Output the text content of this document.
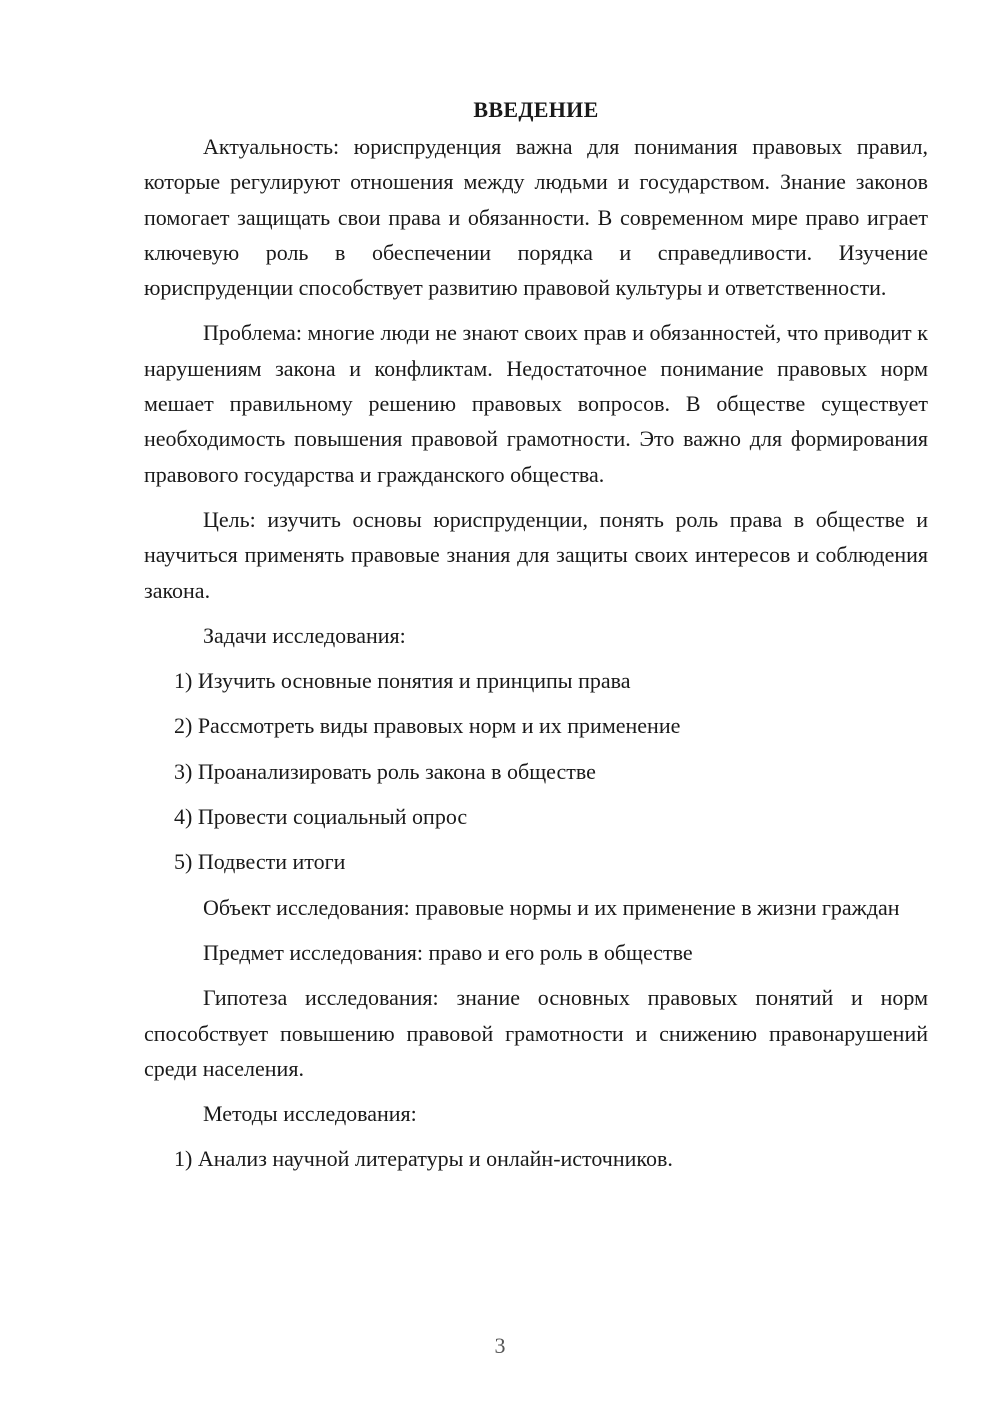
ВВЕДЕНИЕ

Актуальность: юриспруденция важна для понимания правовых правил, которые регулируют отношения между людьми и государством. Знание законов помогает защищать свои права и обязанности. В современном мире право играет ключевую роль в обеспечении порядка и справедливости. Изучение юриспруденции способствует развитию правовой культуры и ответственности.

Проблема: многие люди не знают своих прав и обязанностей, что приводит к нарушениям закона и конфликтам. Недостаточное понимание правовых норм мешает правильному решению правовых вопросов. В обществе существует необходимость повышения правовой грамотности. Это важно для формирования правового государства и гражданского общества.

Цель: изучить основы юриспруденции, понять роль права в обществе и научиться применять правовые знания для защиты своих интересов и соблюдения закона.

Задачи исследования:

1) Изучить основные понятия и принципы права
2) Рассмотреть виды правовых норм и их применение
3) Проанализировать роль закона в обществе
4) Провести социальный опрос
5) Подвести итоги

Объект исследования: правовые нормы и их применение в жизни граждан

Предмет исследования: право и его роль в обществе

Гипотеза исследования: знание основных правовых понятий и норм способствует повышению правовой грамотности и снижению правонарушений среди населения.

Методы исследования:

1) Анализ научной литературы и онлайн-источников.
3
